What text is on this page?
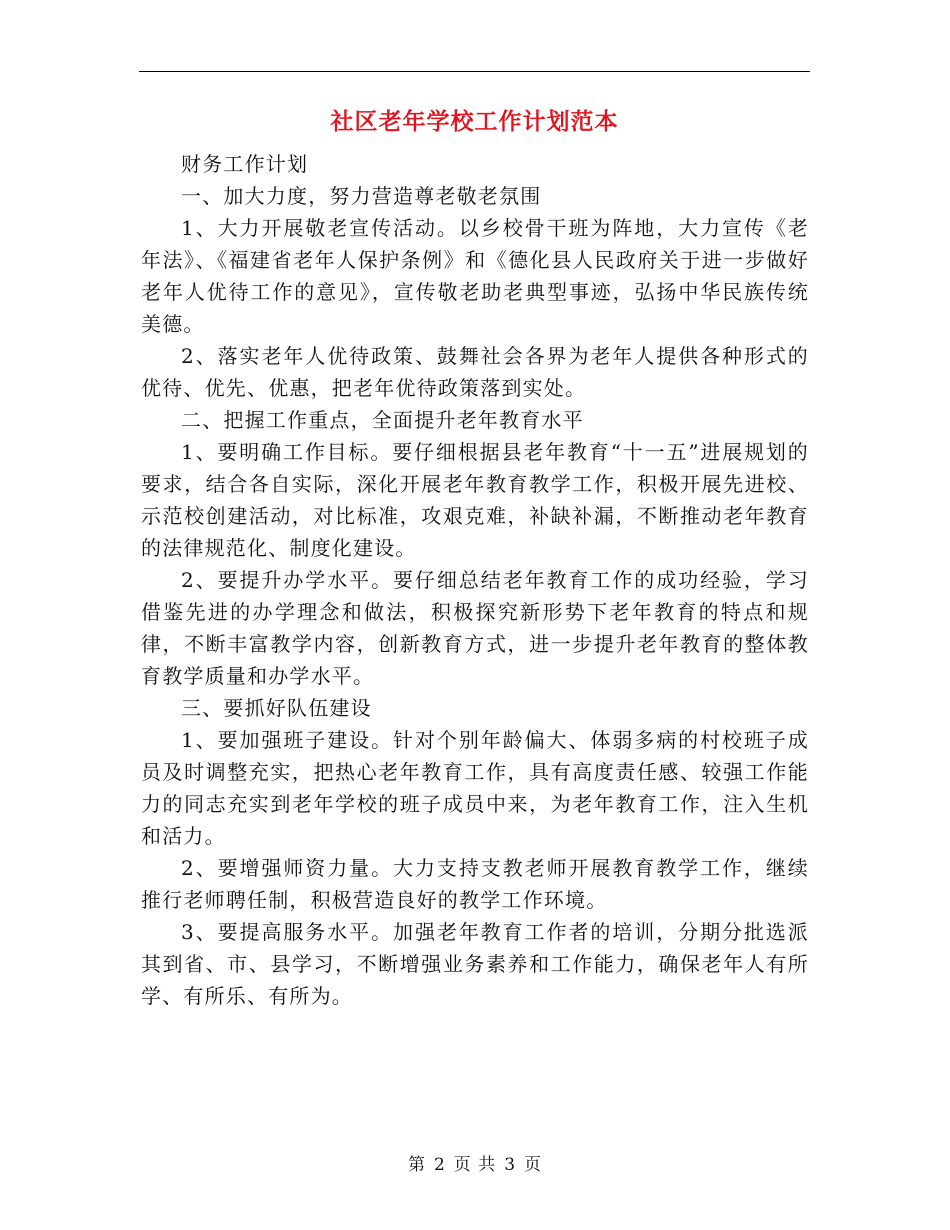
社区老年学校工作计划范本

财务工作计划

一、加大力度，努力营造尊老敬老氛围

1、大力开展敬老宣传活动。以乡校骨干班为阵地，大力宣传《老年法》、《福建省老年人保护条例》和《德化县人民政府关于进一步做好老年人优待工作的意见》，宣传敬老助老典型事迹，弘扬中华民族传统美德。

2、落实老年人优待政策、鼓舞社会各界为老年人提供各种形式的优待、优先、优惠，把老年优待政策落到实处。

二、把握工作重点，全面提升老年教育水平

1、要明确工作目标。要仔细根据县老年教育“十一五”进展规划的要求，结合各自实际，深化开展老年教育教学工作，积极开展先进校、示范校创建活动，对比标准，攻艰克难，补缺补漏，不断推动老年教育的法律规范化、制度化建设。

2、要提升办学水平。要仔细总结老年教育工作的成功经验，学习借鉴先进的办学理念和做法，积极探究新形势下老年教育的特点和规律，不断丰富教学内容，创新教育方式，进一步提升老年教育的整体教育教学质量和办学水平。

三、要抓好队伍建设

1、要加强班子建设。针对个别年龄偏大、体弱多病的村校班子成员及时调整充实，把热心老年教育工作，具有高度责任感、较强工作能力的同志充实到老年学校的班子成员中来，为老年教育工作，注入生机和活力。

2、要增强师资力量。大力支持支教老师开展教育教学工作，继续推行老师聘任制，积极营造良好的教学工作环境。

3、要提高服务水平。加强老年教育工作者的培训，分期分批选派其到省、市、县学习，不断增强业务素养和工作能力，确保老年人有所学、有所乐、有所为。

第 2 页 共 3 页
